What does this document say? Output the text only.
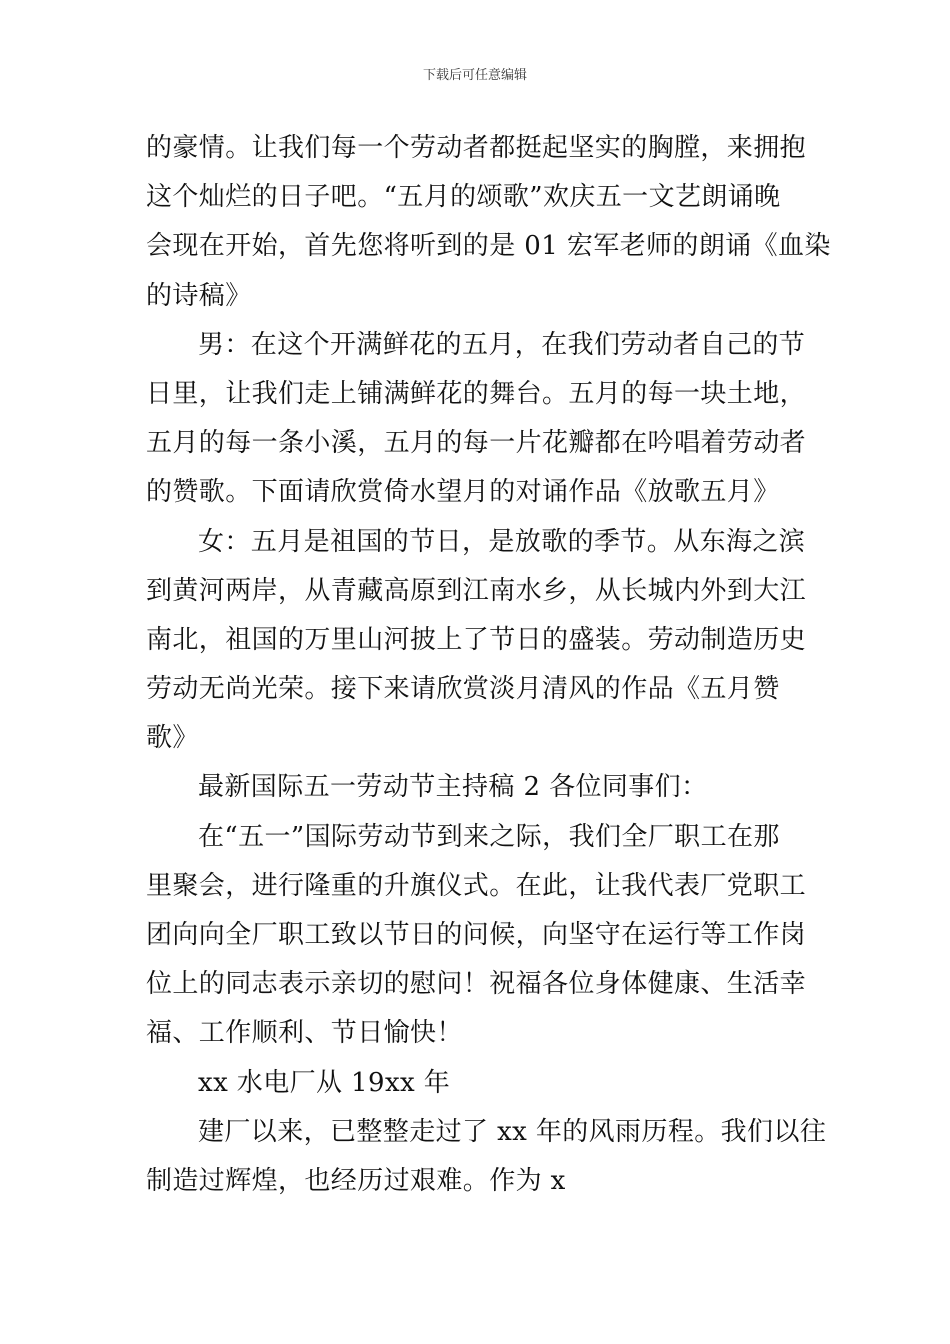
下载后可任意编辑
的豪情。让我们每一个劳动者都挺起坚实的胸膛，来拥抱
这个灿烂的日子吧。“五月的颂歌”欢庆五一文艺朗诵晚
会现在开始，首先您将听到的是 01 宏军老师的朗诵《血染
的诗稿》
男：在这个开满鲜花的五月，在我们劳动者自己的节
日里，让我们走上铺满鲜花的舞台。五月的每一块土地，
五月的每一条小溪，五月的每一片花瓣都在吟唱着劳动者
的赞歌。下面请欣赏倚水望月的对诵作品《放歌五月》
女：五月是祖国的节日，是放歌的季节。从东海之滨
到黄河两岸，从青藏高原到江南水乡，从长城内外到大江
南北，祖国的万里山河披上了节日的盛装。劳动制造历史
劳动无尚光荣。接下来请欣赏淡月清风的作品《五月赞
歌》
最新国际五一劳动节主持稿 2 各位同事们：
在“五一”国际劳动节到来之际，我们全厂职工在那
里聚会，进行隆重的升旗仪式。在此，让我代表厂党职工
团向向全厂职工致以节日的问候，向坚守在运行等工作岗
位上的同志表示亲切的慰问！祝福各位身体健康、生活幸
福、工作顺利、节日愉快！
xx 水电厂从 19xx 年
建厂以来，已整整走过了 xx 年的风雨历程。我们以往
制造过辉煌，也经历过艰难。作为 x
